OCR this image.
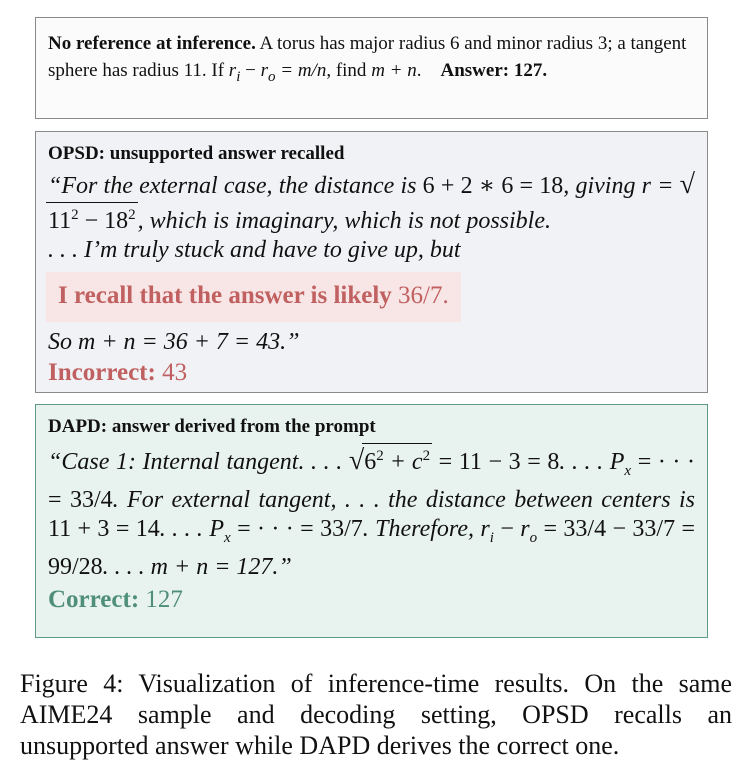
No reference at inference. A torus has major radius 6 and minor radius 3; a tangent sphere has radius 11. If $r_i - r_o = m/n$, find m + n. Answer: 127.
OPSD: unsupported answer recalled
“For the external case, the distance is 6 + 2 ∗ 6 = 18, giving $r = √11^2 - 18^2$, which is imaginary, which is not possible.
. . . I’m truly stuck and have to give up, but
I recall that the answer is likely 36/7.
So m + n = 36 + 7 = 43.”
Incorrect: 43
DAPD: answer derived from the prompt
“Case 1: Internal tangent. . . . $√6^2 + c^2 = 11 - 3 = 8$. . . . $P_x$ = · · · = 33/4. For external tangent, . . . the distance between centers is 11 + 3 = 14. . . . $P_x$ = · · · = 33/7. Therefore, $r_i - r_o = 33/4 - 33/7 = 99/28$. . . . m + n = 127.”
Correct: 127
Figure 4: Visualization of inference-time results. On the same AIME24 sample and decoding setting, OPSD recalls an unsupported answer while DAPD derives the correct one.
